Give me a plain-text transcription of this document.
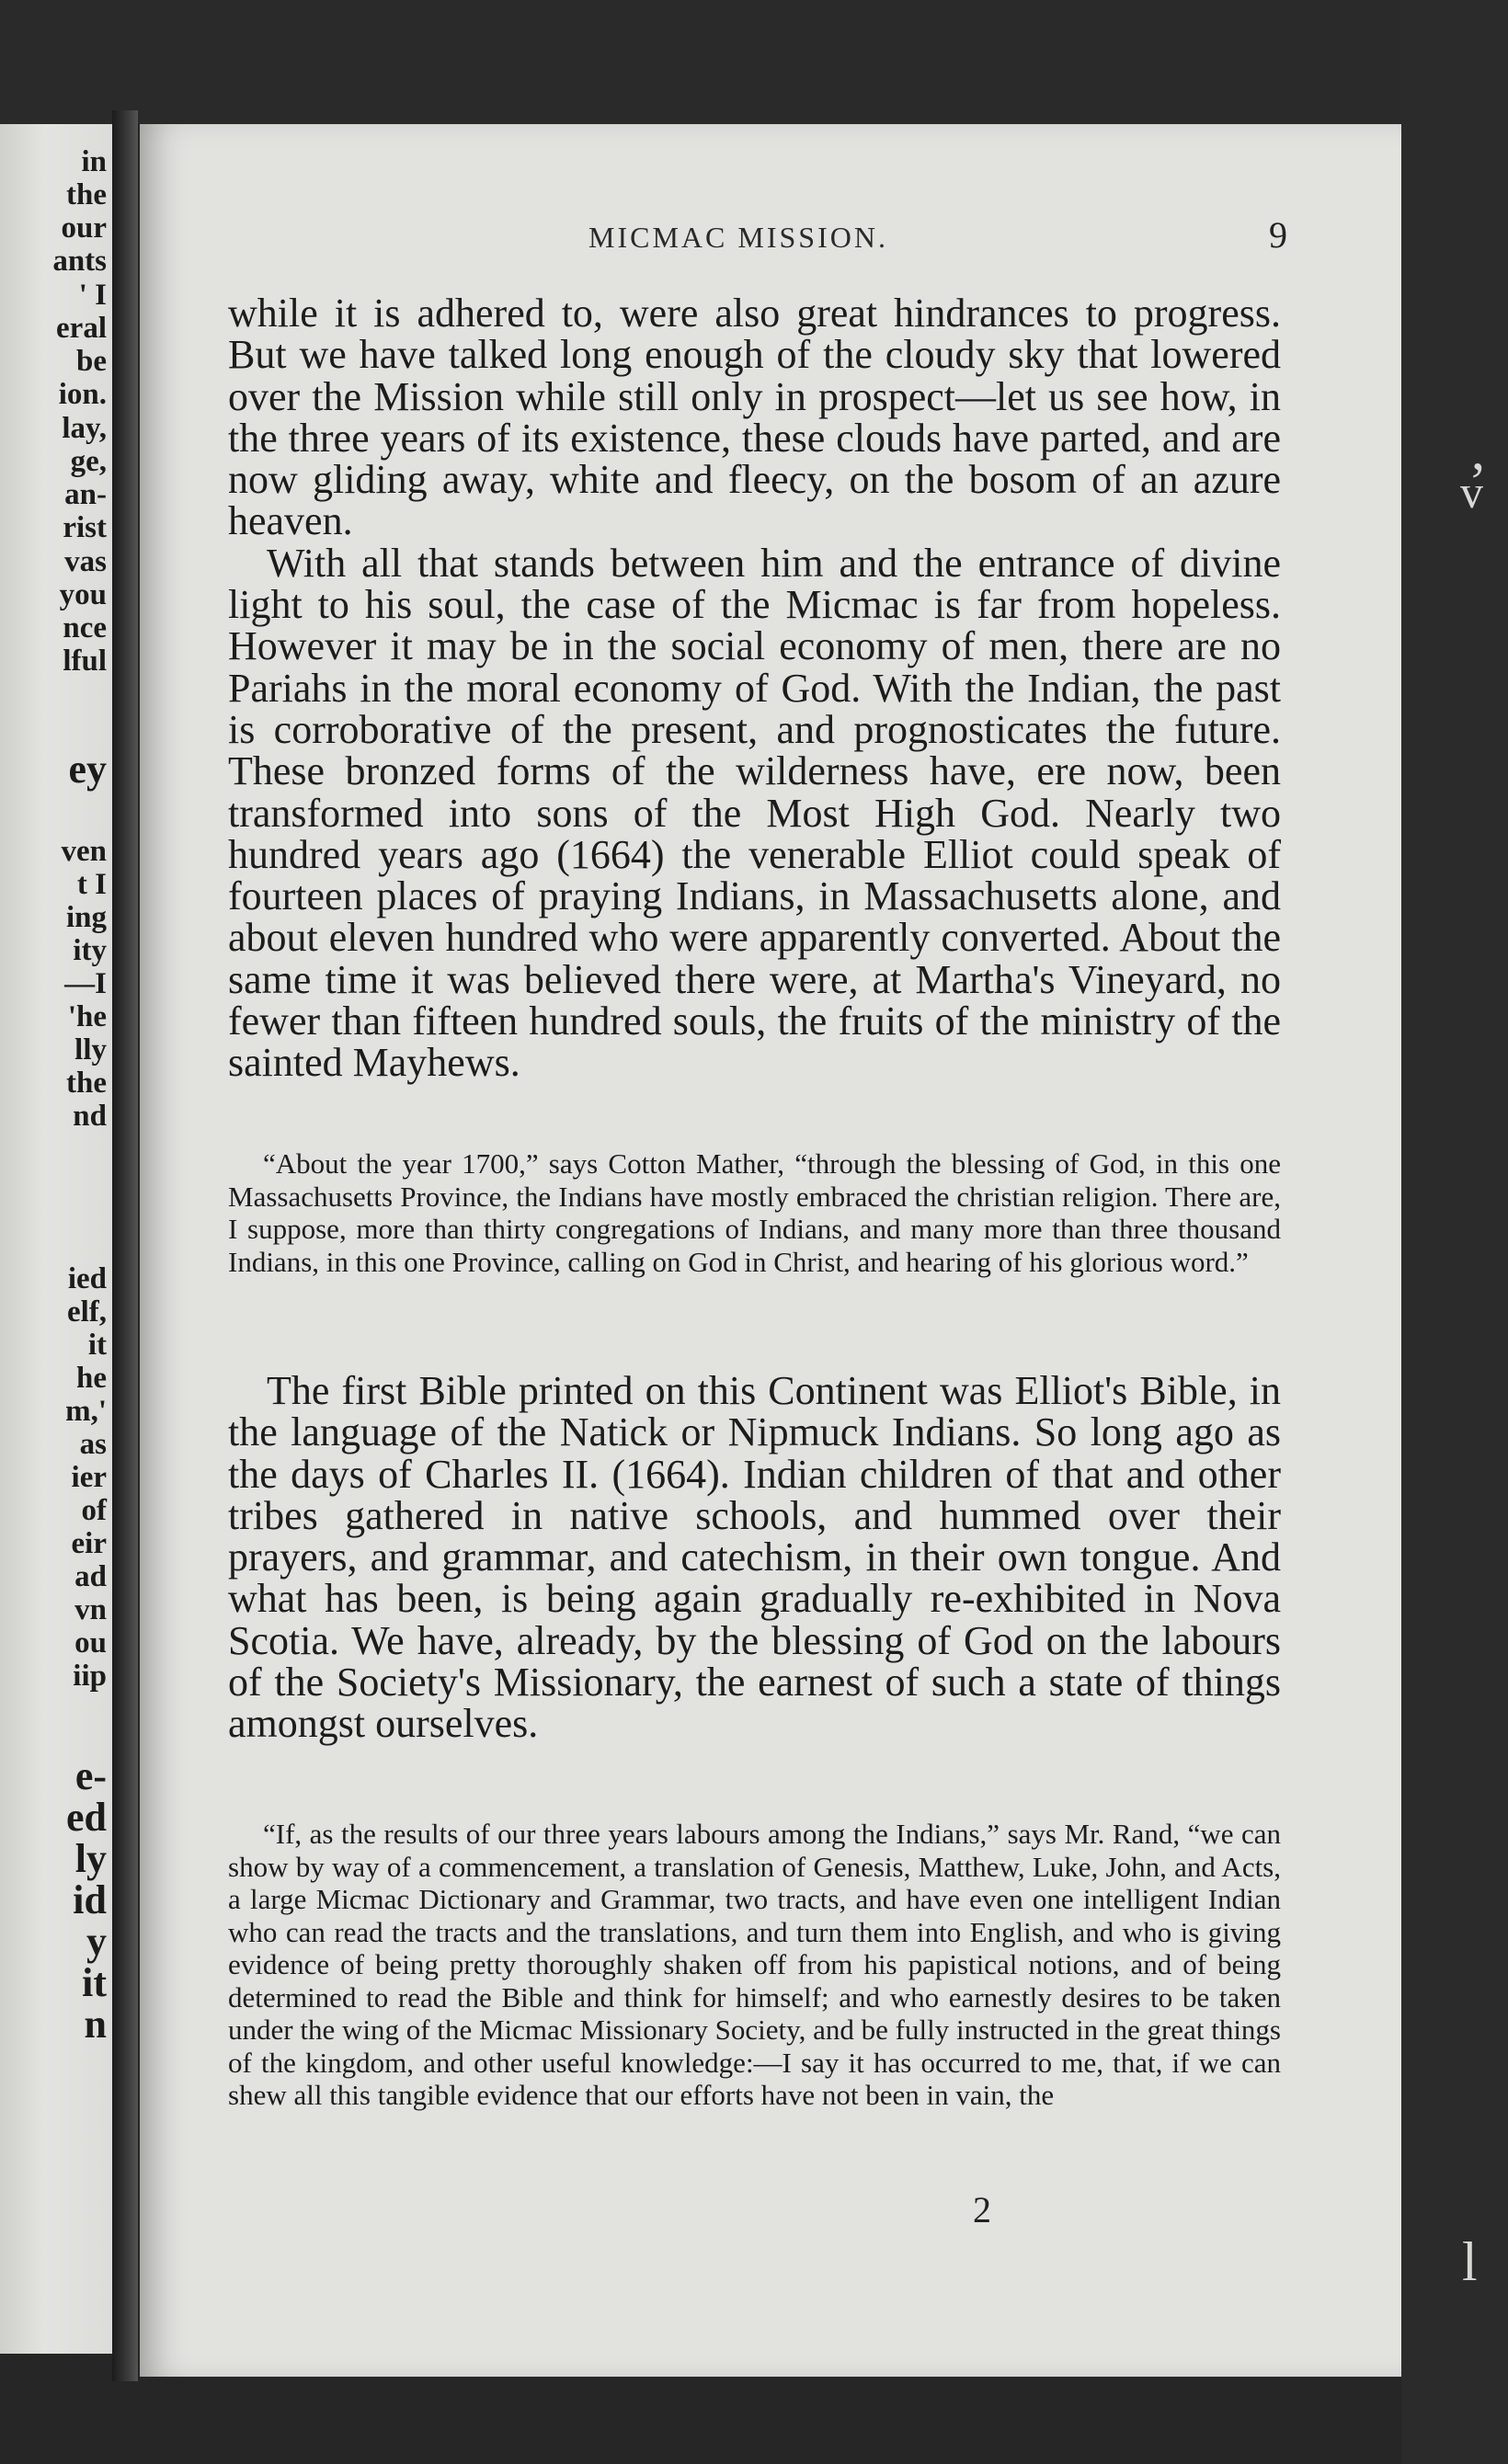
in
the
our
ants
' I
eral
be
ion.
lay,
ge,
an-
rist
vas
you
nce
lful
ey
ven
t I
ing
ity
—I
'he
lly
the
nd
ied
elf,
it
he
m,'
as
ier
of
eir
ad
vn
ou
iip
e-
ed
ly
id
y
it
n
MICMAC MISSION.	9

while it is adhered to, were also great hindrances to progress. But we have talked long enough of the cloudy sky that lowered over the Mission while still only in prospect—let us see how, in the three years of its existence, these clouds have parted, and are now gliding away, white and fleecy, on the bosom of an azure heaven.

With all that stands between him and the entrance of divine light to his soul, the case of the Micmac is far from hopeless. However it may be in the social economy of men, there are no Pariahs in the moral economy of God. With the Indian, the past is corroborative of the present, and prognosticates the future. These bronzed forms of the wilderness have, ere now, been transformed into sons of the Most High God. Nearly two hundred years ago (1664) the venerable Elliot could speak of fourteen places of praying Indians, in Massachusetts alone, and about eleven hundred who were apparently converted. About the same time it was believed there were, at Martha's Vineyard, no fewer than fifteen hundred souls, the fruits of the ministry of the sainted Mayhews.

“About the year 1700,” says Cotton Mather, “through the blessing of God, in this one Massachusetts Province, the Indians have mostly embraced the christian religion. There are, I suppose, more than thirty congregations of Indians, and many more than three thousand Indians, in this one Province, calling on God in Christ, and hearing of his glorious word.”

The first Bible printed on this Continent was Elliot's Bible, in the language of the Natick or Nipmuck Indians. So long ago as the days of Charles II. (1664). Indian children of that and other tribes gathered in native schools, and hummed over their prayers, and grammar, and catechism, in their own tongue. And what has been, is being again gradually re-exhibited in Nova Scotia. We have, already, by the blessing of God on the labours of the Society's Missionary, the earnest of such a state of things amongst ourselves.

“If, as the results of our three years labours among the Indians,” says Mr. Rand, “we can show by way of a commencement, a translation of Genesis, Matthew, Luke, John, and Acts, a large Micmac Dictionary and Grammar, two tracts, and have even one intelligent Indian who can read the tracts and the translations, and turn them into English, and who is giving evidence of being pretty thoroughly shaken off from his papistical notions, and of being determined to read the Bible and think for himself; and who earnestly desires to be taken under the wing of the Micmac Missionary Society, and be fully instructed in the great things of the kingdom, and other useful knowledge:—I say it has occurred to me, that, if we can shew all this tangible evidence that our efforts have not been in vain, the

2
,
v
l
